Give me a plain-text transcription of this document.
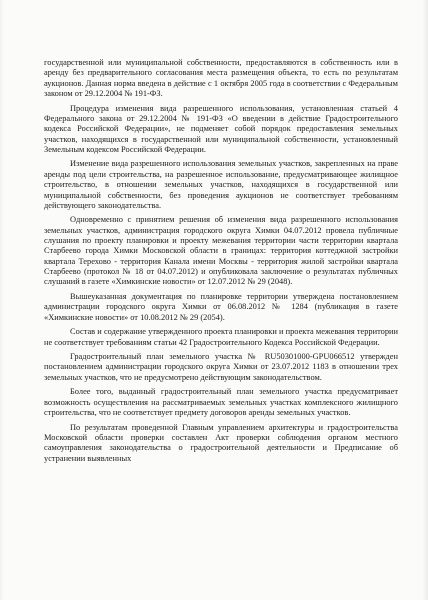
государственной или муниципальной собственности, предоставляются в собственность или в аренду без предварительного согласования места размещения объекта, то есть по результатам аукционов. Данная норма введена в действие с 1 октября 2005 года в соответствии с Федеральным законом от 29.12.2004 № 191-ФЗ.

Процедура изменения вида разрешенного использования, установленная статьей 4 Федерального закона от 29.12.2004 № 191-ФЗ «О введении в действие Градостроительного кодекса Российской Федерации», не подменяет собой порядок предоставления земельных участков, находящихся в государственной или муниципальной собственности, установленный Земельным кодексом Российской Федерации.

Изменение вида разрешенного использования земельных участков, закрепленных на праве аренды под цели строительства, на разрешенное использование, предусматривающее жилищное строительство, в отношении земельных участков, находящихся в государственной или муниципальной собственности, без проведения аукционов не соответствует требованиям действующего законодательства.

Одновременно с принятием решения об изменения вида разрешенного использования земельных участков, администрация городского округа Химки 04.07.2012 провела публичные слушания по проекту планировки и проекту межевания территории части территории квартала Старбеево города Химки Московской области в границах: территория коттеджной застройки квартала Терехово - территория Канала имени Москвы - территория жилой застройки квартала Старбеево (протокол № 18 от 04.07.2012) и опубликовала заключение о результатах публичных слушаний в газете «Химкинские новости» от 12.07.2012 № 29 (2048).

Вышеуказанная документация по планировке территории утверждена постановлением администрации городского округа Химки от 06.08.2012 № 1284 (публикация в газете «Химкинские новости» от 10.08.2012 № 29 (2054).

Состав и содержание утвержденного проекта планировки и проекта межевания территории не соответствует требованиям статьи 42 Градостроительного Кодекса Российской Федерации.

Градостроительный план земельного участка № RU50301000-GPU066512 утвержден постановлением администрации городского округа Химки от 23.07.2012 1183 в отношении трех земельных участков, что не предусмотрено действующим законодательством.

Более того, выданный градостроительный план земельного участка предусматривает возможность осуществления на рассматриваемых земельных участках комплексного жилищного строительства, что не соответствует предмету договоров аренды земельных участков.

По результатам проведенной Главным управлением архитектуры и градостроительства Московской области проверки составлен Акт проверки соблюдения органом местного самоуправления законодательства о градостроительной деятельности и Предписание об устранении выявленных
